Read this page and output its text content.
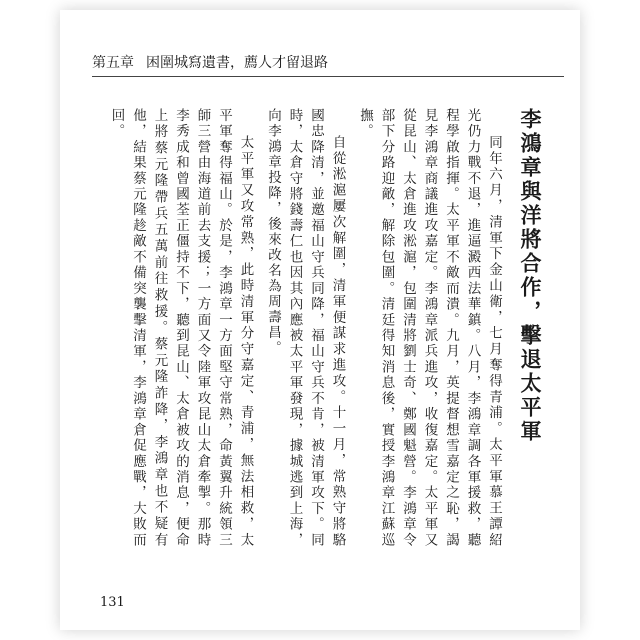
第五章 困圍城寫遺書，薦人才留退路
李鴻章與洋將合作，擊退太平軍

同年六月，清軍下金山衛，七月奪得青浦。太平軍慕王譚紹光仍力戰不退，進逼澱西法華鎮。八月，李鴻章調各軍援救，聽程學啟指揮。太平軍不敵而潰。九月，英提督想雪嘉定之恥，謁見李鴻章商議進攻嘉定。李鴻章派兵進攻，收復嘉定。太平軍又從昆山、太倉進攻淞滬，包圍清將劉士奇、鄭國魁營。李鴻章令部下分路迎敵，解除包圍。清廷得知消息後，實授李鴻章江蘇巡撫。

自從淞滬屢次解圍，清軍便謀求進攻。十一月，常熟守將駱國忠降清，並邀福山守兵同降，福山守兵不肯，被清軍攻下。同時，太倉守將錢壽仁也因其內應被太平軍發現，據城逃到上海，向李鴻章投降，後來改名為周壽昌。

太平軍又攻常熟，此時清軍分守嘉定、青浦，無法相救，太平軍奪得福山。於是，李鴻章一方面堅守常熟，命黃翼升統領三師三營由海道前去支援；一方面又令陸軍攻昆山太倉牽掣。那時李秀成和曾國荃正僵持不下，聽到昆山、太倉被攻的消息，便命上將蔡元隆帶兵五萬前往救援。蔡元隆詐降，李鴻章也不疑有他，結果蔡元隆趁敵不備突襲擊清軍，李鴻章倉促應戰，大敗而回。

131
